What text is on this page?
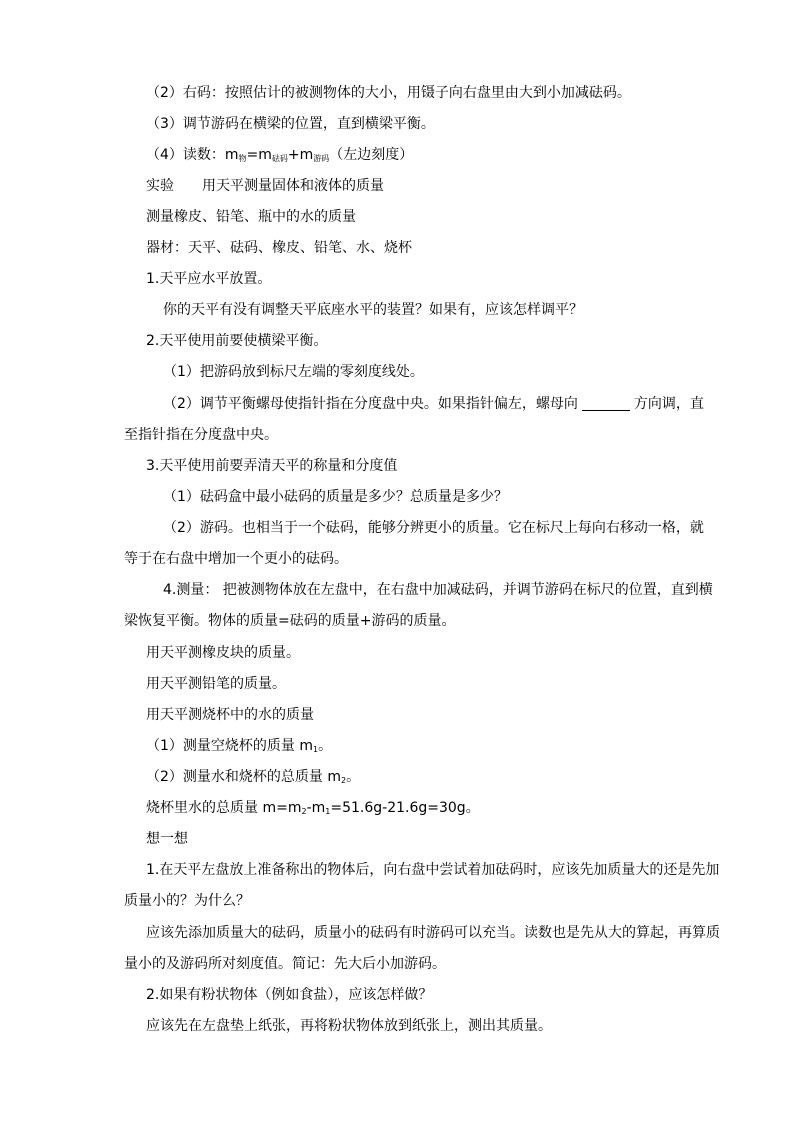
（2）右码：按照估计的被测物体的大小，用镊子向右盘里由大到小加减砝码。
（3）调节游码在横梁的位置，直到横梁平衡。
（4）读数：$m_物=m_{砝码}+m_{游码}$（左边刻度）
实验　　用天平测量固体和液体的质量
测量橡皮、铅笔、瓶中的水的质量
器材：天平、砝码、橡皮、铅笔、水、烧杯
1.天平应水平放置。
你的天平有没有调整天平底座水平的装置？如果有，应该怎样调平？
2.天平使用前要使横梁平衡。
（1）把游码放到标尺左端的零刻度线处。
（2）调节平衡螺母使指针指在分度盘中央。如果指针偏左，螺母向	方向调，直
至指针指在分度盘中央。
3.天平使用前要弄清天平的称量和分度值
（1）砝码盒中最小砝码的质量是多少？总质量是多少？
（2）游码。也相当于一个砝码，能够分辨更小的质量。它在标尺上每向右移动一格，就
等于在右盘中增加一个更小的砝码。
4.测量： 把被测物体放在左盘中，在右盘中加减砝码，并调节游码在标尺的位置，直到横
梁恢复平衡。物体的质量=砝码的质量+游码的质量。
用天平测橡皮块的质量。
用天平测铅笔的质量。
用天平测烧杯中的水的质量
（1）测量空烧杯的质量 $m_1$。
（2）测量水和烧杯的总质量 $m_2$。
烧杯里水的总质量 $m=m_2-m_1=51.6g-21.6g=30g$。
想一想
1.在天平左盘放上准备称出的物体后，向右盘中尝试着加砝码时，应该先加质量大的还是先加
质量小的？为什么？
应该先添加质量大的砝码，质量小的砝码有时游码可以充当。读数也是先从大的算起，再算质
量小的及游码所对刻度值。简记：先大后小加游码。
2.如果有粉状物体（例如食盐），应该怎样做？
应该先在左盘垫上纸张，再将粉状物体放到纸张上，测出其质量。
